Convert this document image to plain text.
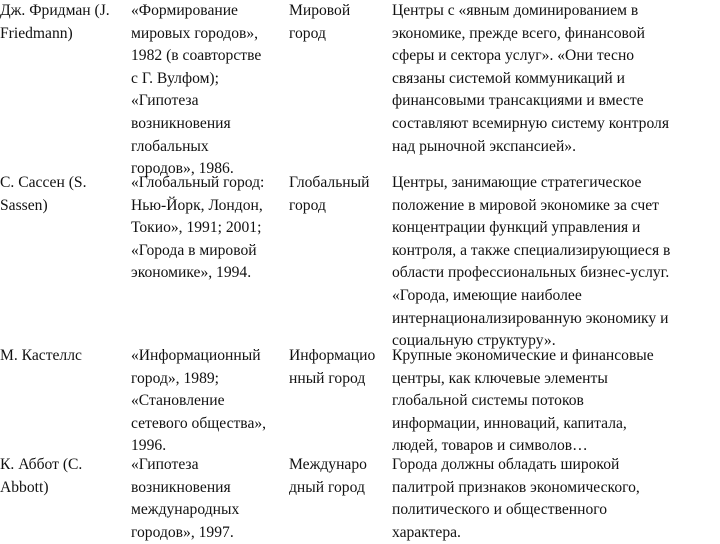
Дж. Фридман (J.
Friedmann)
«Формирование
мировых городов»,
1982 (в соавторстве
с Г. Вулфом);
«Гипотеза
возникновения
глобальных
городов», 1986.
Мировой
город
Центры с «явным доминированием в
экономике, прежде всего, финансовой
сферы и сектора услуг». «Они тесно
связаны системой коммуникаций и
финансовыми трансакциями и вместе
составляют всемирную систему контроля
над рыночной экспансией».
С. Сассен (S.
Sassen)
«Глобальный город:
Нью-Йорк, Лондон,
Токио», 1991; 2001;
«Города в мировой
экономике», 1994.
Глобальный
город
Центры, занимающие стратегическое
положение в мировой экономике за счет
концентрации функций управления и
контроля, а также специализирующиеся в
области профессиональных бизнес-услуг.
«Города, имеющие наиболее
интернационализированную экономику и
социальную структуру».
М. Кастеллс	«Информационный
город», 1989;
«Становление
сетевого общества»,
1996.
Информацио
нный город
Крупные экономические и финансовые
центры, как ключевые элементы
глобальной системы потоков
информации, инноваций, капитала,
людей, товаров и символов…
К. Аббот (C.
Abbott)
«Гипотеза
возникновения
международных
городов», 1997.
Междунаро
дный город
Города должны обладать широкой
палитрой признаков экономического,
политического и общественного
характера.
